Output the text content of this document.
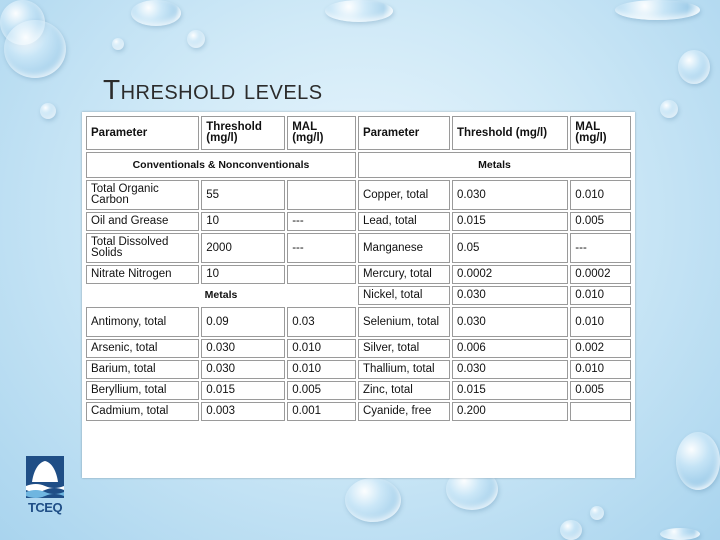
Threshold levels
Parameter	Threshold (mg/l)	MAL (mg/l)	Parameter	Threshold (mg/l)	MAL (mg/l)
Conventionals & Nonconventionals			Metals		
Total Organic Carbon	55		Copper, total	0.030	0.010
Oil and Grease	10	---	Lead, total	0.015	0.005
Total Dissolved Solids	2000	---	Manganese	0.05	---
Nitrate Nitrogen	10		Mercury, total	0.0002	0.0002
Metals			Nickel, total	0.030	0.010
Antimony, total	0.09	0.03	Selenium, total	0.030	0.010
Arsenic, total	0.030	0.010	Silver, total	0.006	0.002
Barium, total	0.030	0.010	Thallium, total	0.030	0.010
Beryllium, total	0.015	0.005	Zinc, total	0.015	0.005
Cadmium, total	0.003	0.001	Cyanide, free	0.200	
TCEQ
